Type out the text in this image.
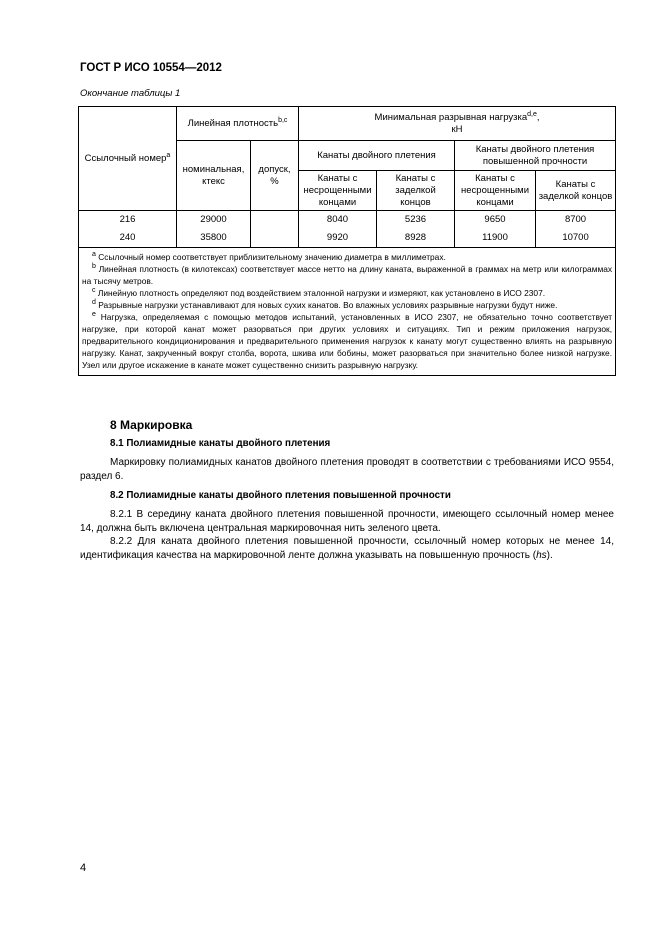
ГОСТ Р ИСО 10554—2012
Окончание таблицы 1
Ссылочный номер$^a$	Линейная плотность$^{b,c}$		Минимальная разрывная нагрузка$^{d,e}$,
кН			
	номинальная, ктекс	допуск, %	Канаты двойного плетения		Канаты двойного плетения повышенной прочности	
			Канаты с несрощенными концами	Канаты с заделкой концов	Канаты с несрощенными концами	Канаты с заделкой концов
216	29000		8040	5236	9650	8700
240	35800		9920	8928	11900	10700

$^a$ Ссылочный номер соответствует приблизительному значению диаметра в миллиметрах.
$^b$ Линейная плотность (в килотексах) соответствует массе нетто на длину каната, выраженной в граммах на метр или килограммах на тысячу метров.
$^c$ Линейную плотность определяют под воздействием эталонной нагрузки и измеряют, как установлено в ИСО 2307.
$^d$ Разрывные нагрузки устанавливают для новых сухих канатов. Во влажных условиях разрывные нагрузки будут ниже.
$^e$ Нагрузка, определяемая с помощью методов испытаний, установленных в ИСО 2307, не обязательно точно соответствует нагрузке, при которой канат может разорваться при других условиях и ситуациях. Тип и режим приложения нагрузок, предварительного кондиционирования и предварительного применения нагрузок к канату могут существенно влиять на разрывную нагрузку. Канат, закрученный вокруг столба, ворота, шкива или бобины, может разорваться при значительно более низкой нагрузке. Узел или другое искажение в канате может существенно снизить разрывную нагрузку.						
8 Маркировка
8.1 Полиамидные канаты двойного плетения

Маркировку полиамидных канатов двойного плетения проводят в соответствии с требованиями ИСО 9554, раздел 6.

8.2 Полиамидные канаты двойного плетения повышенной прочности

8.2.1 В середину каната двойного плетения повышенной прочности, имеющего ссылочный номер менее 14, должна быть включена центральная маркировочная нить зеленого цвета.

8.2.2 Для каната двойного плетения повышенной прочности, ссылочный номер которых не менее 14, идентификация качества на маркировочной ленте должна указывать на повышенную прочность (hs).

4
